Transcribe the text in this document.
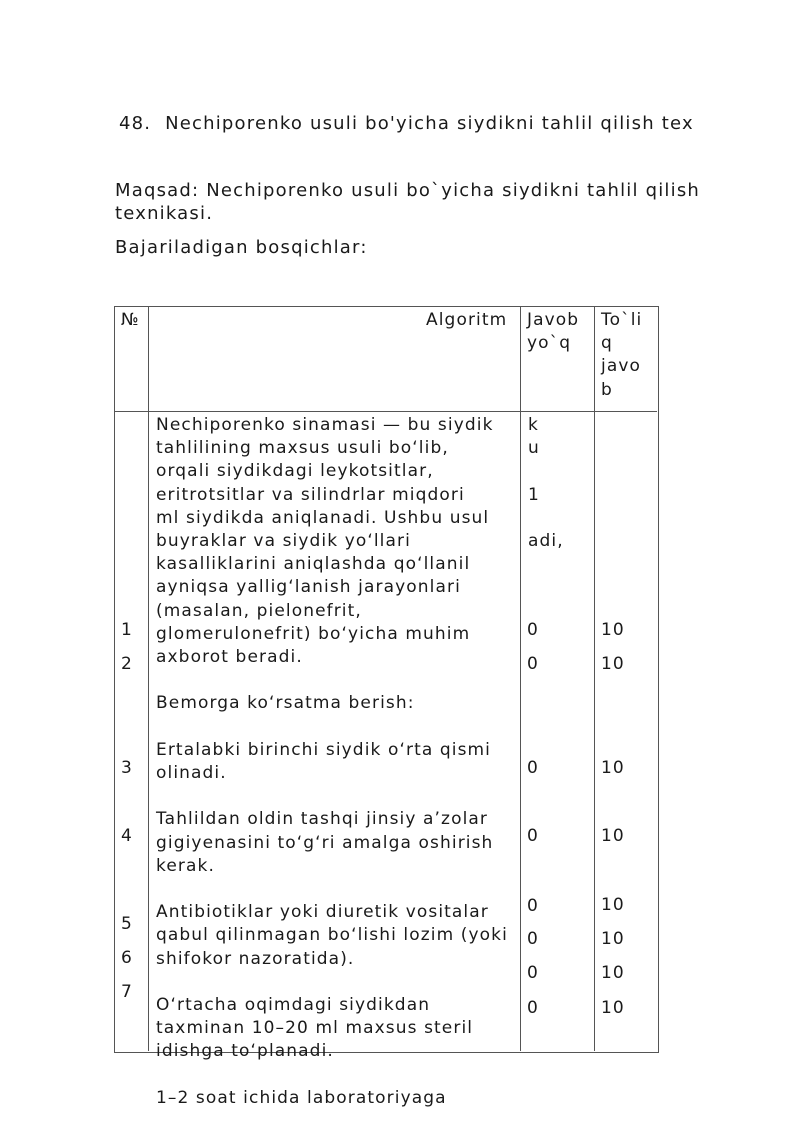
48.  Nechiporenko usuli bo'yicha siydikni tahlil qilish tex
Maqsad: Nechiporenko usuli bo`yicha siydikni tahlil qilish
texnikasi.
Bajariladigan bosqichlar:
№	Algoritm Javob
yo`q
To`li
q
javo
b
Nechiporenko sinamasi — bu siydik
tahlilining maxsus usuli bo‘lib,
orqali siydikdagi leykotsitlar,
eritrotsitlar va silindrlar miqdori
ml siydikda aniqlanadi. Ushbu usul
buyraklar va siydik yo‘llari
kasalliklarini aniqlashda qo‘llanil
ayniqsa yallig‘lanish jarayonlari
(masalan, pielonefrit,
glomerulonefrit) bo‘yicha muhim
axborot beradi.

Bemorga ko‘rsatma berish:

Ertalabki birinchi siydik o‘rta qismi
olinadi.

Tahlildan oldin tashqi jinsiy a’zolar
gigiyenasini to‘g‘ri amalga oshirish
kerak.

Antibiotiklar yoki diuretik vositalar
qabul qilinmagan bo‘lishi lozim (yoki
shifokor nazoratida).

O‘rtacha oqimdagi siydikdan
taxminan 10–20 ml maxsus steril
idishga to‘planadi.

1–2 soat ichida laboratoriyaga
k
u

1

adi,
1
2
3
4
5
6
7
0
0
0
0
0
0
0
0
10
10
10
10
10
10
10
10
